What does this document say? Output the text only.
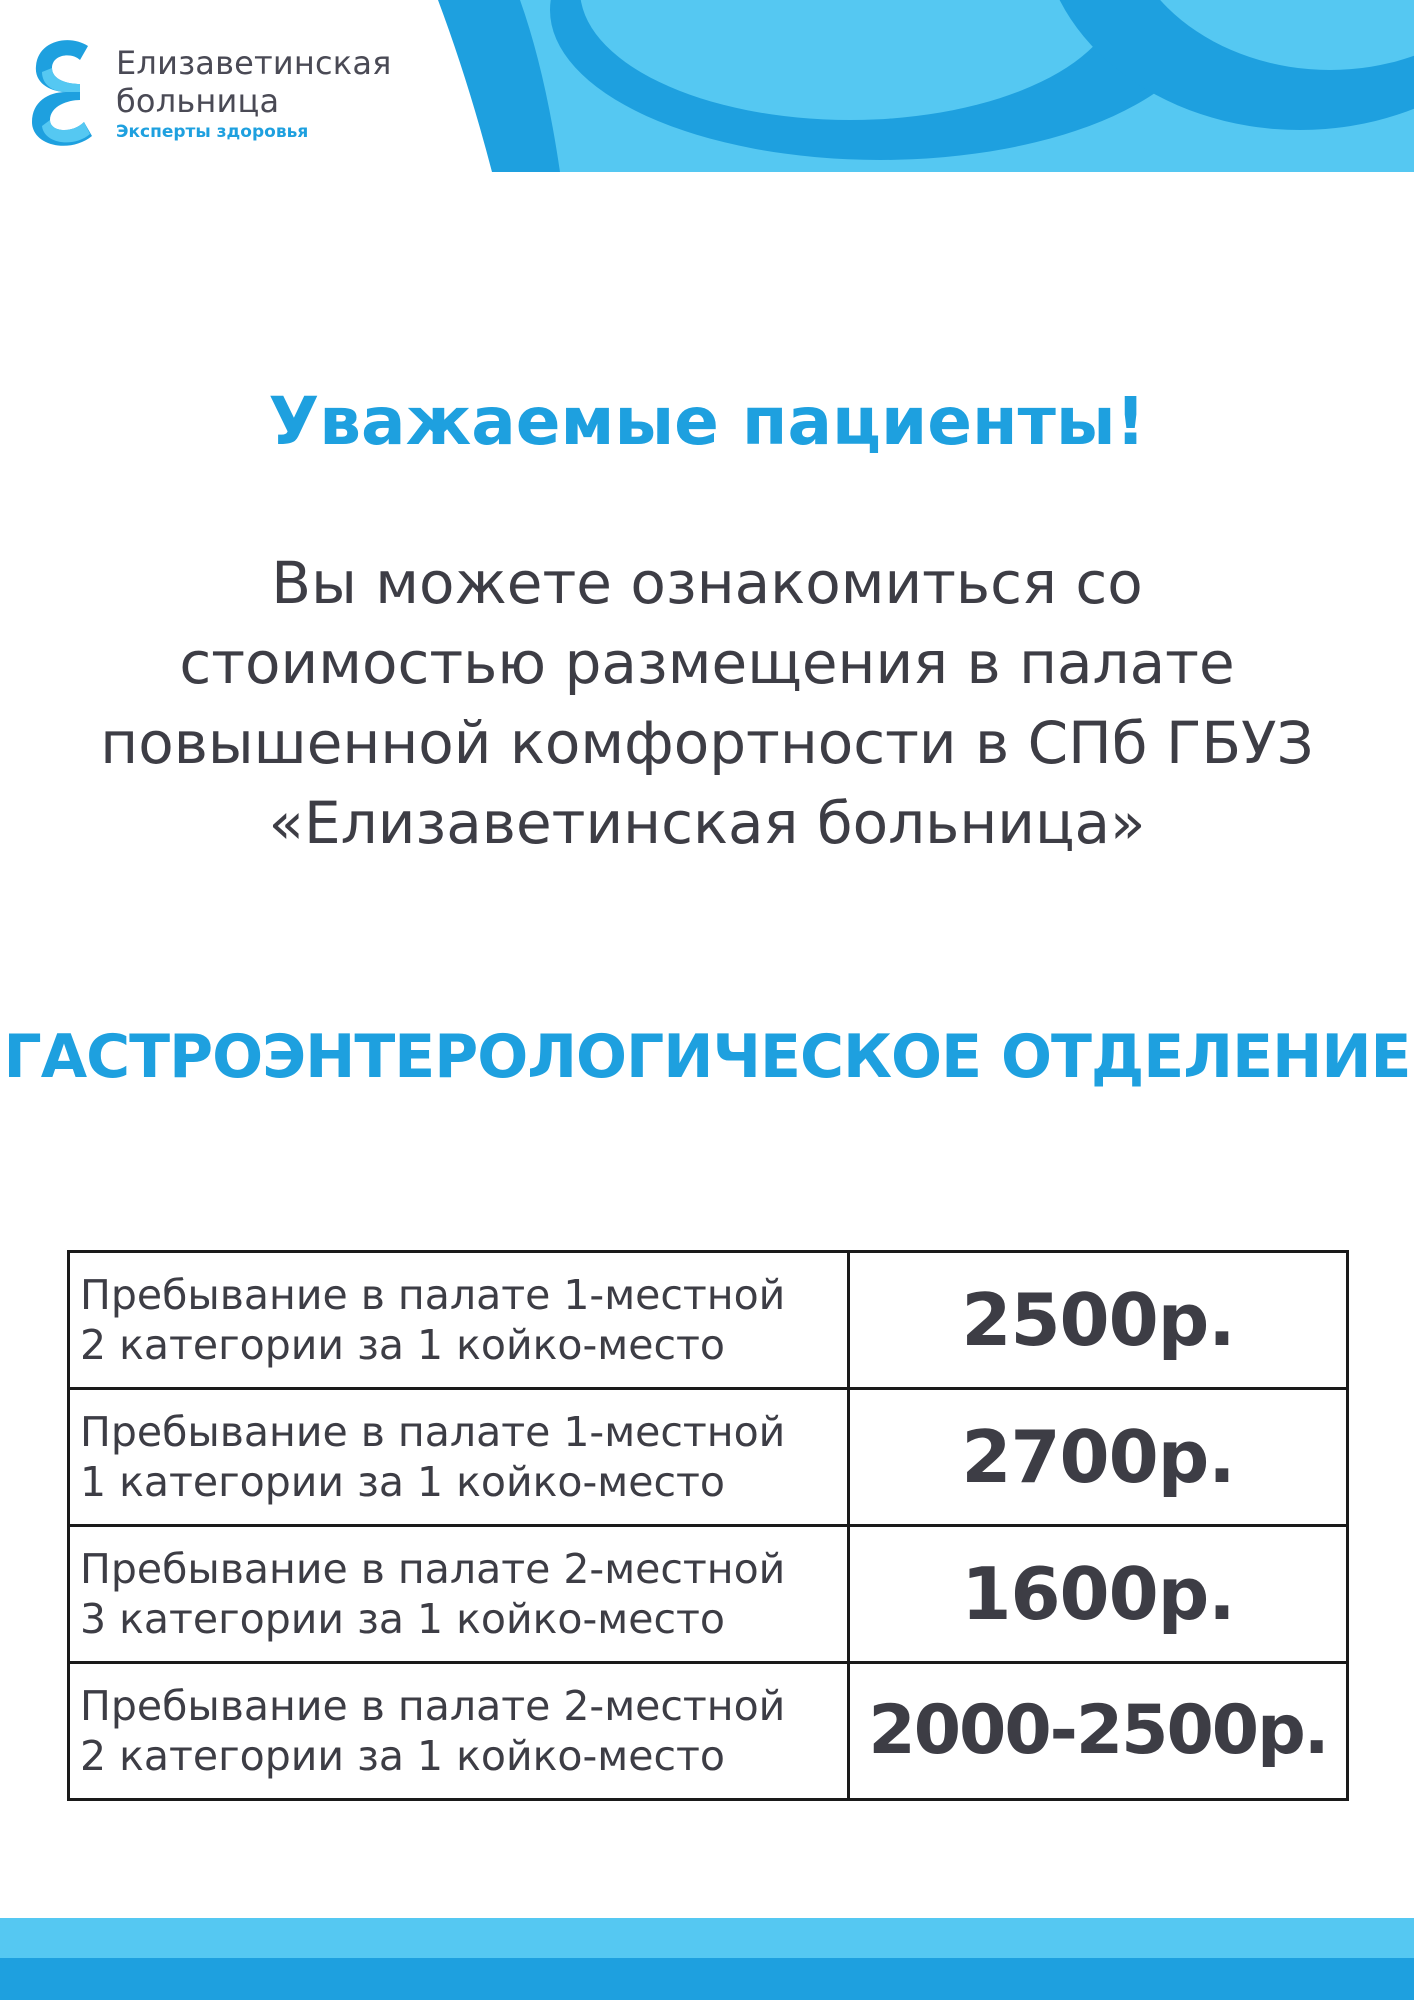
Елизаветинская
больница
Эксперты здоровья
Уважаемые пациенты!
Вы можете ознакомиться со
стоимостью размещения в палате
повышенной комфортности в СПб ГБУЗ
«Елизаветинская больница»
ГАСТРОЭНТЕРОЛОГИЧЕСКОЕ ОТДЕЛЕНИЕ
Пребывание в палате 1-местной
2 категории за 1 койко-место	2500р.

Пребывание в палате 1-местной
1 категории за 1 койко-место	2700р.

Пребывание в палате 2-местной
3 категории за 1 койко-место	1600р.

Пребывание в палате 2-местной
2 категории за 1 койко-место	2000-2500р.
